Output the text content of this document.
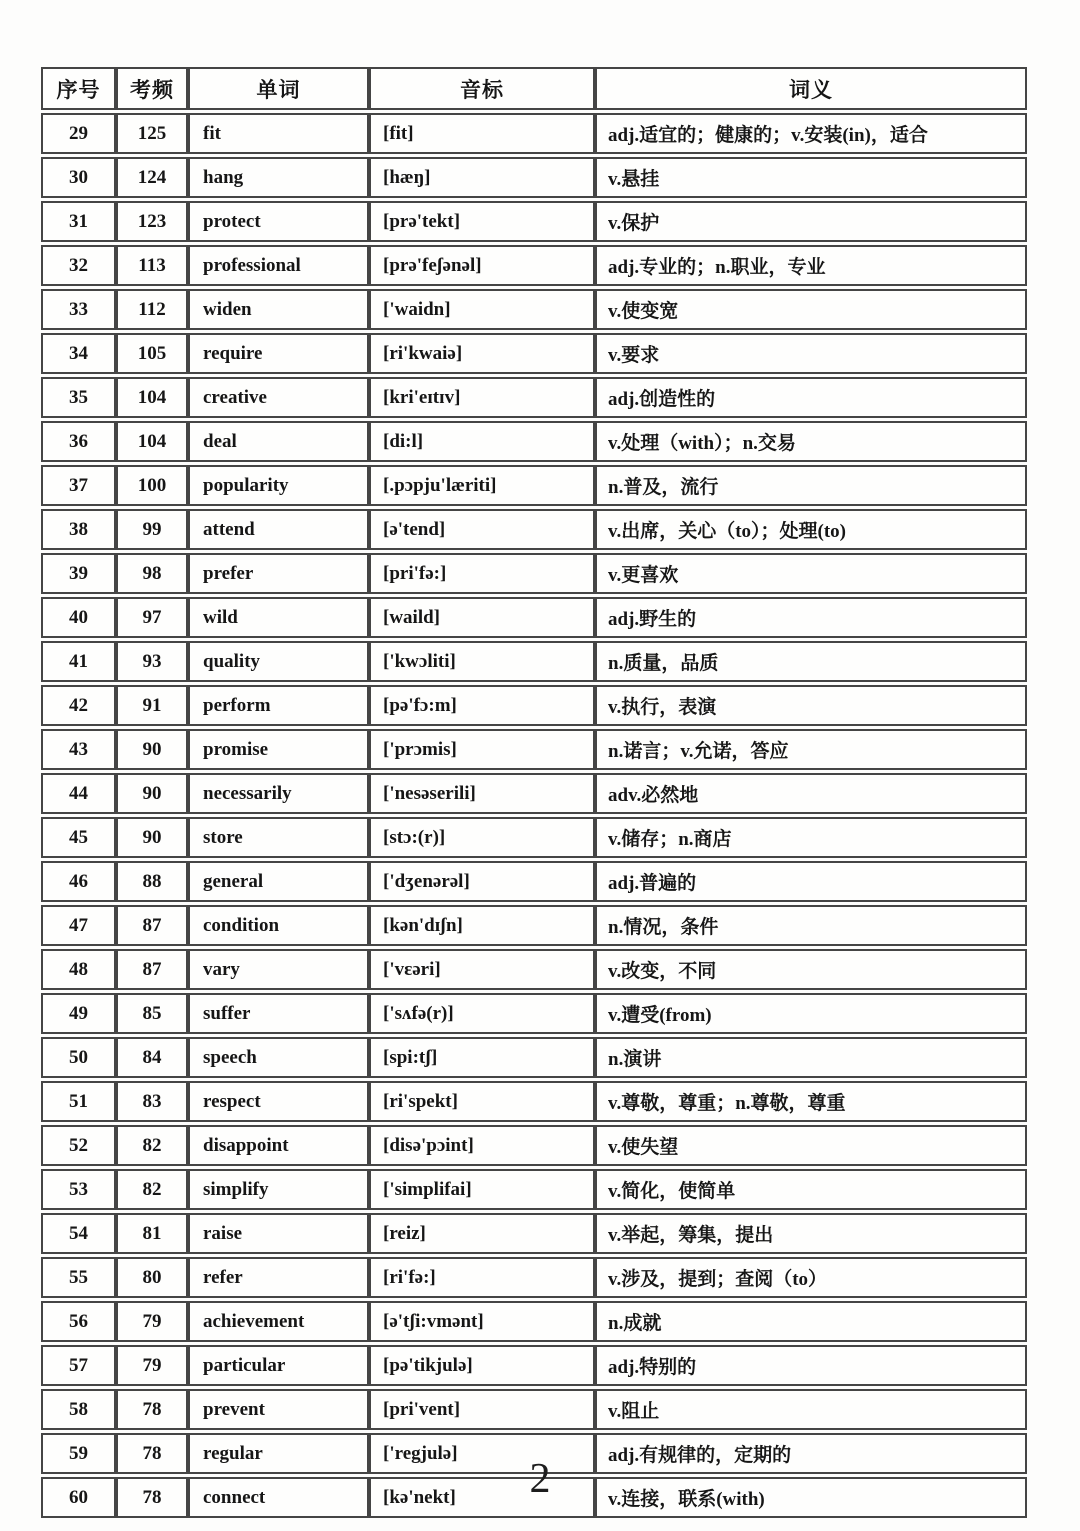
序号	考频	单词	音标	词义
29	125	fit	[fit]	adj.适宜的；健康的；v.安装(in)，适合
30	124	hang	[hæŋ]	v.悬挂
31	123	protect	[prə'tekt]	v.保护
32	113	professional	[prə'feʃənəl]	adj.专业的；n.职业，专业
33	112	widen	['waidn]	v.使变宽
34	105	require	[ri'kwaiə]	v.要求
35	104	creative	[kri'eɪtɪv]	adj.创造性的
36	104	deal	[di:l]	v.处理（with）；n.交易
37	100	popularity	[.pɔpju'læriti]	n.普及，流行
38	99	attend	[ə'tend]	v.出席，关心（to）；处理(to)
39	98	prefer	[pri'fə:]	v.更喜欢
40	97	wild	[waild]	adj.野生的
41	93	quality	['kwɔliti]	n.质量，品质
42	91	perform	[pə'fɔ:m]	v.执行，表演
43	90	promise	['prɔmis]	n.诺言；v.允诺，答应
44	90	necessarily	['nesəserili]	adv.必然地
45	90	store	[stɔ:(r)]	v.储存；n.商店
46	88	general	['dʒenərəl]	adj.普遍的
47	87	condition	[kən'dɪʃn]	n.情况，条件
48	87	vary	['vɛəri]	v.改变，不同
49	85	suffer	['sʌfə(r)]	v.遭受(from)
50	84	speech	[spi:tʃ]	n.演讲
51	83	respect	[ri'spekt]	v.尊敬，尊重；n.尊敬，尊重
52	82	disappoint	[disə'pɔint]	v.使失望
53	82	simplify	['simplifai]	v.简化，使简单
54	81	raise	[reiz]	v.举起，筹集，提出
55	80	refer	[ri'fə:]	v.涉及，提到；查阅（to）
56	79	achievement	[ə'tʃi:vmənt]	n.成就
57	79	particular	[pə'tikjulə]	adj.特别的
58	78	prevent	[pri'vent]	v.阻止
59	78	regular	['regjulə]	adj.有规律的，定期的
60	78	connect	[kə'nekt]	v.连接，联系(with)
2
